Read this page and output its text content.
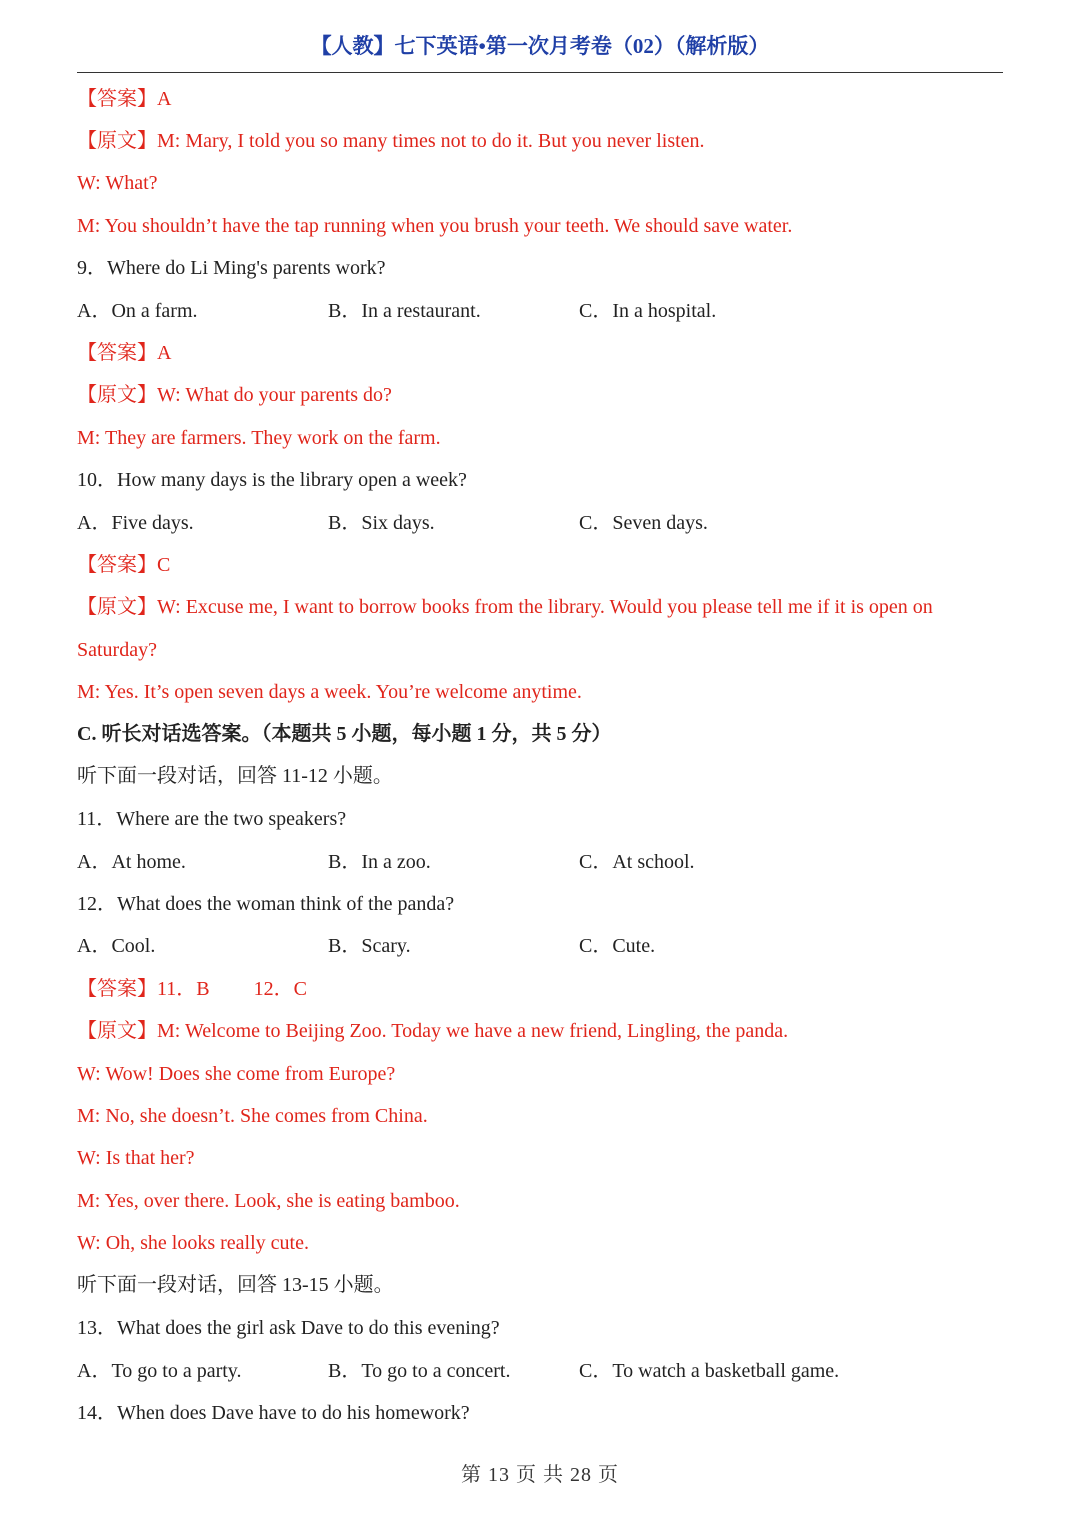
【人教】七下英语•第一次月考卷（02）（解析版）
【答案】A
【原文】M: Mary, I told you so many times not to do it. But you never listen.
W: What?
M: You shouldn’t have the tap running when you brush your teeth. We should save water.
9．Where do Li Ming's parents work?
A．On a farm.	B．In a restaurant.	C．In a hospital.
【答案】A
【原文】W: What do your parents do?
M: They are farmers. They work on the farm.
10．How many days is the library open a week?
A．Five days.	B．Six days.	C．Seven days.
【答案】C
【原文】W: Excuse me, I want to borrow books from the library. Would you please tell me if it is open on
Saturday?
M: Yes. It’s open seven days a week. You’re welcome anytime.
C. 听长对话选答案。（本题共 5 小题，每小题 1 分，共 5 分）
听下面一段对话，回答 11-12 小题。
11．Where are the two speakers?
A．At home.	B．In a zoo.	C．At school.
12．What does the woman think of the panda?
A．Cool.	B．Scary.	C．Cute.
【答案】11．B 12．C
【原文】M: Welcome to Beijing Zoo. Today we have a new friend, Lingling, the panda.
W: Wow! Does she come from Europe?
M: No, she doesn’t. She comes from China.
W: Is that her?
M: Yes, over there. Look, she is eating bamboo.
W: Oh, she looks really cute.
听下面一段对话，回答 13-15 小题。
13．What does the girl ask Dave to do this evening?
A．To go to a party.	B．To go to a concert.	C．To watch a basketball game.
14．When does Dave have to do his homework?
第 13 页 共 28 页
